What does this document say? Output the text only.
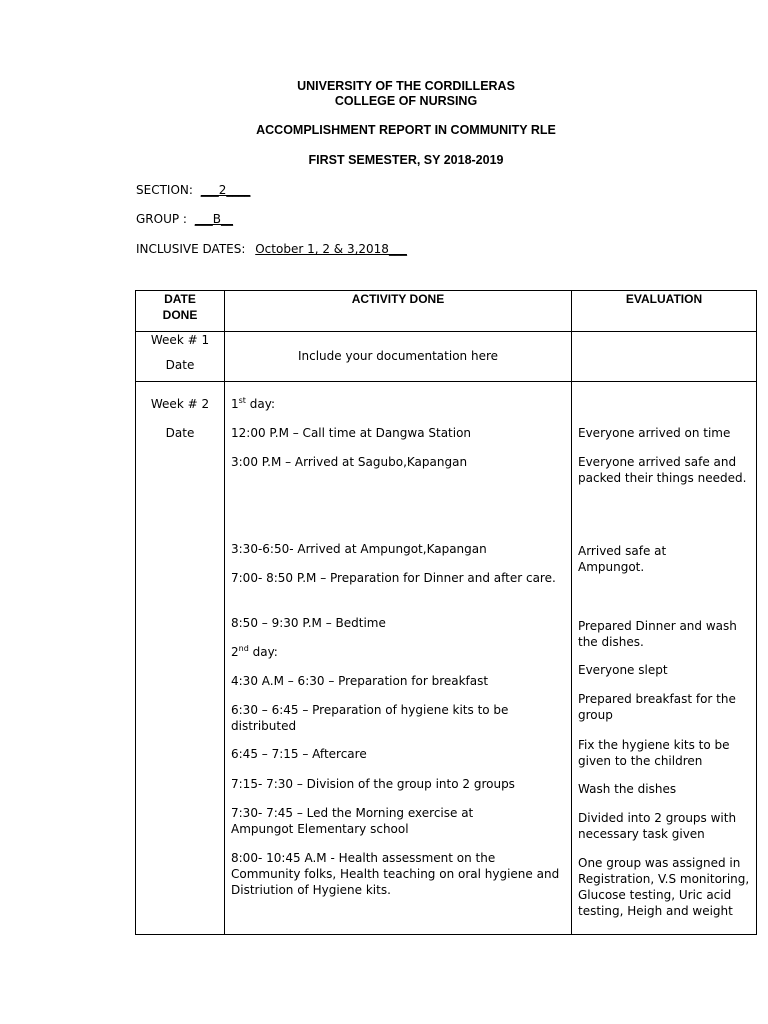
UNIVERSITY OF THE CORDILLERAS
COLLEGE OF NURSING
ACCOMPLISHMENT REPORT IN COMMUNITY RLE
FIRST SEMESTER, SY 2018-2019
SECTION: ___2____
GROUP : ___B__
INCLUSIVE DATES: October 1, 2 & 3,2018___
DATE
DONE
ACTIVITY DONE	EVALUATION
Week # 1
Date
Include your documentation here
Week # 2
Date
1st day:
12:00 P.M – Call time at Dangwa Station
3:00 P.M – Arrived at Sagubo,Kapangan
3:30-6:50- Arrived at Ampungot,Kapangan
7:00- 8:50 P.M – Preparation for Dinner and after care.
8:50 – 9:30 P.M – Bedtime
2nd day:
4:30 A.M – 6:30 – Preparation for breakfast
6:30 – 6:45 – Preparation of hygiene kits to be distributed
6:45 – 7:15 – Aftercare
7:15- 7:30 – Division of the group into 2 groups
7:30- 7:45 – Led the Morning exercise at Ampungot Elementary school
8:00- 10:45 A.M - Health assessment on the Community folks, Health teaching on oral hygiene and Distriution of Hygiene kits.
Everyone arrived on time
Everyone arrived safe and packed their things needed.
Arrived safe at Ampungot.
Prepared Dinner and wash the dishes.
Everyone slept
Prepared breakfast for the group
Fix the hygiene kits to be given to the children
Wash the dishes
Divided into 2 groups with necessary task given
One group was assigned in Registration, V.S monitoring, Glucose testing, Uric acid testing, Heigh and weight
